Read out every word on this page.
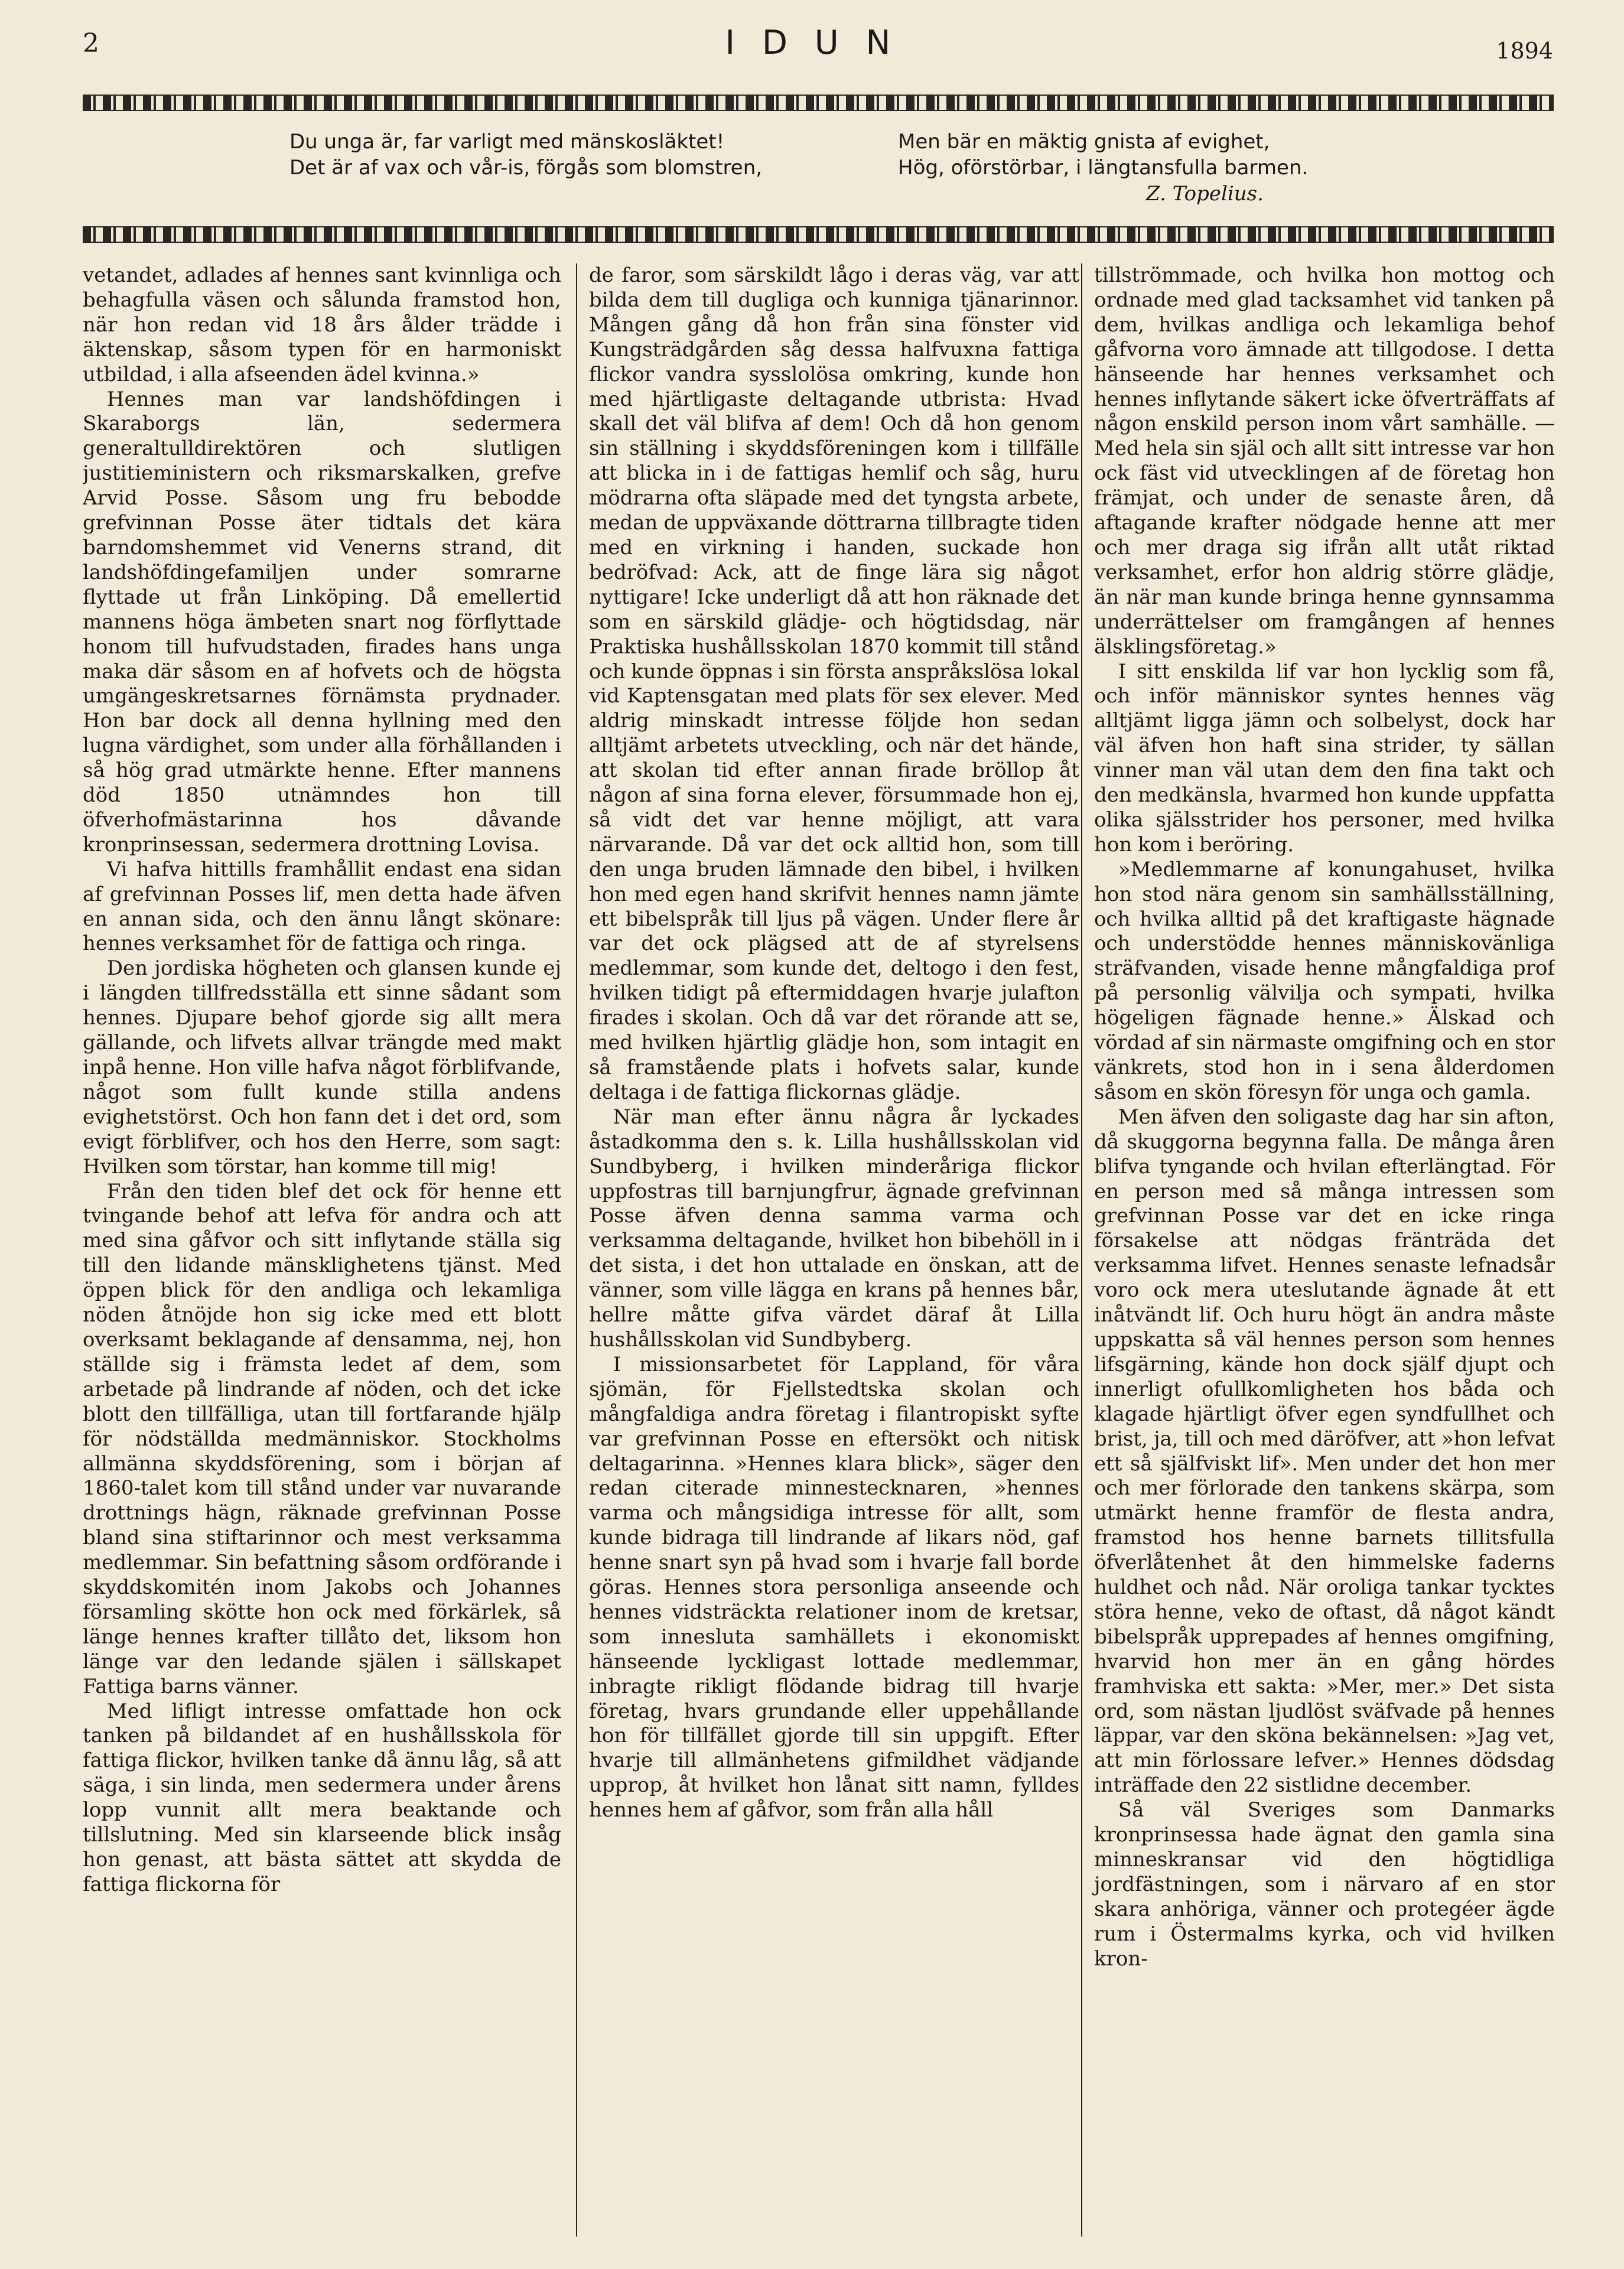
2	I D U N	1894
Du unga är, far varligt med mänskosläktet!
Det är af vax och vår-is, förgås som blomstren,
Men bär en mäktig gnista af evighet,
Hög, oförstörbar, i längtansfulla barmen.
Z. Topelius.

vetandet, adlades af hennes sant kvinnliga och behagfulla väsen och sålunda framstod hon, när hon redan vid 18 års ålder trädde i äktenskap, såsom typen för en harmoniskt utbildad, i alla afseenden ädel kvinna.»

Hennes man var landshöfdingen i Skaraborgs län, sedermera generaltulldirektören och slutligen justitieministern och riksmarskalken, grefve Arvid Posse. Såsom ung fru bebodde grefvinnan Posse äter tidtals det kära barndomshemmet vid Venerns strand, dit landshöfdingefamiljen under somrarne flyttade ut från Linköping. Då emellertid mannens höga ämbeten snart nog förflyttade honom till hufvudstaden, firades hans unga maka där såsom en af hofvets och de högsta umgängeskretsarnes förnämsta prydnader. Hon bar dock all denna hyllning med den lugna värdighet, som under alla förhållanden i så hög grad utmärkte henne. Efter mannens död 1850 utnämndes hon till öfverhofmästarinna hos dåvande kronprinsessan, sedermera drottning Lovisa.

Vi hafva hittills framhållit endast ena sidan af grefvinnan Posses lif, men detta hade äfven en annan sida, och den ännu långt skönare: hennes verksamhet för de fattiga och ringa.

Den jordiska högheten och glansen kunde ej i längden tillfredsställa ett sinne sådant som hennes. Djupare behof gjorde sig allt mera gällande, och lifvets allvar trängde med makt inpå henne. Hon ville hafva något förblifvande, något som fullt kunde stilla andens evighetstörst. Och hon fann det i det ord, som evigt förblifver, och hos den Herre, som sagt: Hvilken som törstar, han komme till mig!

Från den tiden blef det ock för henne ett tvingande behof att lefva för andra och att med sina gåfvor och sitt inflytande ställa sig till den lidande mänsklighetens tjänst. Med öppen blick för den andliga och lekamliga nöden åtnöjde hon sig icke med ett blott overksamt beklagande af densamma, nej, hon ställde sig i främsta ledet af dem, som arbetade på lindrande af nöden, och det icke blott den tillfälliga, utan till fortfarande hjälp för nödställda medmänniskor. Stockholms allmänna skyddsförening, som i början af 1860-talet kom till stånd under var nuvarande drottnings hägn, räknade grefvinnan Posse bland sina stiftarinnor och mest verksamma medlemmar. Sin befattning såsom ordförande i skyddskomitén inom Jakobs och Johannes församling skötte hon ock med förkärlek, så länge hennes krafter tillåto det, liksom hon länge var den ledande själen i sällskapet Fattiga barns vänner.

Med lifligt intresse omfattade hon ock tanken på bildandet af en hushållsskola för fattiga flickor, hvilken tanke då ännu låg, så att säga, i sin linda, men sedermera under årens lopp vunnit allt mera beaktande och tillslutning. Med sin klarseende blick insåg hon genast, att bästa sättet att skydda de fattiga flickorna för

de faror, som särskildt lågo i deras väg, var att bilda dem till dugliga och kunniga tjänarinnor. Mången gång då hon från sina fönster vid Kungsträdgården såg dessa halfvuxna fattiga flickor vandra sysslolösa omkring, kunde hon med hjärtligaste deltagande utbrista: Hvad skall det väl blifva af dem! Och då hon genom sin ställning i skyddsföreningen kom i tillfälle att blicka in i de fattigas hemlif och såg, huru mödrarna ofta släpade med det tyngsta arbete, medan de uppväxande döttrarna tillbragte tiden med en virkning i handen, suckade hon bedröfvad: Ack, att de finge lära sig något nyttigare! Icke underligt då att hon räknade det som en särskild glädje- och högtidsdag, när Praktiska hushållsskolan 1870 kommit till stånd och kunde öppnas i sin första anspråkslösa lokal vid Kaptensgatan med plats för sex elever. Med aldrig minskadt intresse följde hon sedan alltjämt arbetets utveckling, och när det hände, att skolan tid efter annan firade bröllop åt någon af sina forna elever, försummade hon ej, så vidt det var henne möjligt, att vara närvarande. Då var det ock alltid hon, som till den unga bruden lämnade den bibel, i hvilken hon med egen hand skrifvit hennes namn jämte ett bibelspråk till ljus på vägen. Under flere år var det ock plägsed att de af styrelsens medlemmar, som kunde det, deltogo i den fest, hvilken tidigt på eftermiddagen hvarje julafton firades i skolan. Och då var det rörande att se, med hvilken hjärtlig glädje hon, som intagit en så framstående plats i hofvets salar, kunde deltaga i de fattiga flickornas glädje.

När man efter ännu några år lyckades åstadkomma den s. k. Lilla hushållsskolan vid Sundbyberg, i hvilken minderåriga flickor uppfostras till barnjungfrur, ägnade grefvinnan Posse äfven denna samma varma och verksamma deltagande, hvilket hon bibehöll in i det sista, i det hon uttalade en önskan, att de vänner, som ville lägga en krans på hennes bår, hellre måtte gifva värdet däraf åt Lilla hushållsskolan vid Sundbyberg.

I missionsarbetet för Lappland, för våra sjömän, för Fjellstedtska skolan och mångfaldiga andra företag i filantropiskt syfte var grefvinnan Posse en eftersökt och nitisk deltagarinna. »Hennes klara blick», säger den redan citerade minnestecknaren, »hennes varma och mångsidiga intresse för allt, som kunde bidraga till lindrande af likars nöd, gaf henne snart syn på hvad som i hvarje fall borde göras. Hennes stora personliga anseende och hennes vidsträckta relationer inom de kretsar, som innesluta samhällets i ekonomiskt hänseende lyckligast lottade medlemmar, inbragte rikligt flödande bidrag till hvarje företag, hvars grundande eller uppehållande hon för tillfället gjorde till sin uppgift. Efter hvarje till allmänhetens gifmildhet vädjande upprop, åt hvilket hon lånat sitt namn, fylldes hennes hem af gåfvor, som från alla håll

tillströmmade, och hvilka hon mottog och ordnade med glad tacksamhet vid tanken på dem, hvilkas andliga och lekamliga behof gåfvorna voro ämnade att tillgodose. I detta hänseende har hennes verksamhet och hennes inflytande säkert icke öfverträffats af någon enskild person inom vårt samhälle. — Med hela sin själ och allt sitt intresse var hon ock fäst vid utvecklingen af de företag hon främjat, och under de senaste åren, då aftagande krafter nödgade henne att mer och mer draga sig ifrån allt utåt riktad verksamhet, erfor hon aldrig större glädje, än när man kunde bringa henne gynnsamma underrättelser om framgången af hennes älsklingsföretag.»

I sitt enskilda lif var hon lycklig som få, och inför människor syntes hennes väg alltjämt ligga jämn och solbelyst, dock har väl äfven hon haft sina strider, ty sällan vinner man väl utan dem den fina takt och den medkänsla, hvarmed hon kunde uppfatta olika själsstrider hos personer, med hvilka hon kom i beröring.

»Medlemmarne af konungahuset, hvilka hon stod nära genom sin samhällsställning, och hvilka alltid på det kraftigaste hägnade och understödde hennes människovänliga sträfvanden, visade henne mångfaldiga prof på personlig välvilja och sympati, hvilka högeligen fägnade henne.» Älskad och vördad af sin närmaste omgifning och en stor vänkrets, stod hon in i sena ålderdomen såsom en skön föresyn för unga och gamla.

Men äfven den soligaste dag har sin afton, då skuggorna begynna falla. De många åren blifva tyngande och hvilan efterlängtad. För en person med så många intressen som grefvinnan Posse var det en icke ringa försakelse att nödgas fränträda det verksamma lifvet. Hennes senaste lefnadsår voro ock mera uteslutande ägnade åt ett inåtvändt lif. Och huru högt än andra måste uppskatta så väl hennes person som hennes lifsgärning, kände hon dock själf djupt och innerligt ofullkomligheten hos båda och klagade hjärtligt öfver egen syndfullhet och brist, ja, till och med däröfver, att »hon lefvat ett så själfviskt lif». Men under det hon mer och mer förlorade den tankens skärpa, som utmärkt henne framför de flesta andra, framstod hos henne barnets tillitsfulla öfverlåtenhet åt den himmelske faderns huldhet och nåd. När oroliga tankar tycktes störa henne, veko de oftast, då något kändt bibelspråk upprepades af hennes omgifning, hvarvid hon mer än en gång hördes framhviska ett sakta: »Mer, mer.» Det sista ord, som nästan ljudlöst sväfvade på hennes läppar, var den sköna bekännelsen: »Jag vet, att min förlossare lefver.» Hennes dödsdag inträffade den 22 sistlidne december.

Så väl Sveriges som Danmarks kronprinsessa hade ägnat den gamla sina minneskransar vid den högtidliga jordfästningen, som i närvaro af en stor skara anhöriga, vänner och protegéer ägde rum i Östermalms kyrka, och vid hvilken kron-
